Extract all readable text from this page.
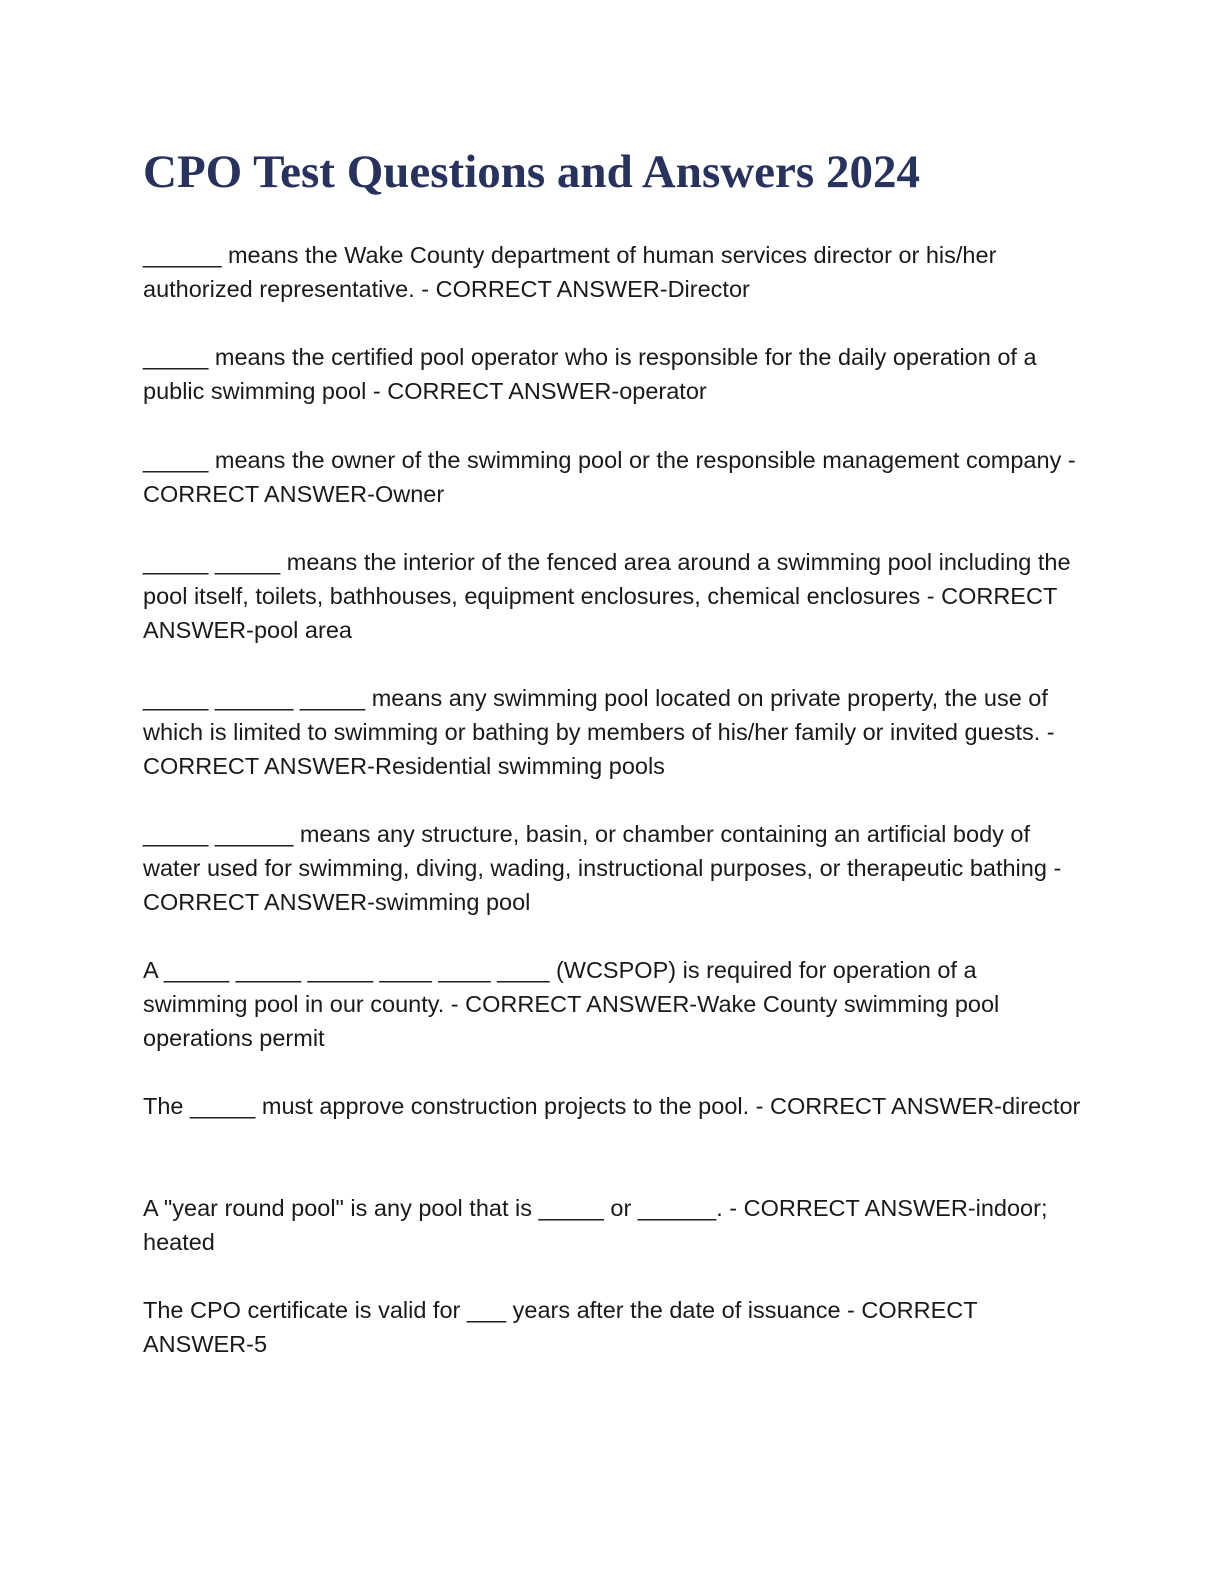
CPO Test Questions and Answers 2024

______ means the Wake County department of human services director or his/her authorized representative. - CORRECT ANSWER-Director

_____ means the certified pool operator who is responsible for the daily operation of a public swimming pool - CORRECT ANSWER-operator

_____ means the owner of the swimming pool or the responsible management company - CORRECT ANSWER-Owner

_____ _____ means the interior of the fenced area around a swimming pool including the pool itself, toilets, bathhouses, equipment enclosures, chemical enclosures - CORRECT ANSWER-pool area

_____ ______ _____ means any swimming pool located on private property, the use of which is limited to swimming or bathing by members of his/her family or invited guests. - CORRECT ANSWER-Residential swimming pools

_____ ______ means any structure, basin, or chamber containing an artificial body of water used for swimming, diving, wading, instructional purposes, or therapeutic bathing - CORRECT ANSWER-swimming pool

A _____ _____ _____ ____ ____ ____ (WCSPOP) is required for operation of a swimming pool in our county. - CORRECT ANSWER-Wake County swimming pool operations permit

The _____ must approve construction projects to the pool. - CORRECT ANSWER-director

A "year round pool" is any pool that is _____ or ______. - CORRECT ANSWER-indoor; heated

The CPO certificate is valid for ___ years after the date of issuance - CORRECT ANSWER-5
